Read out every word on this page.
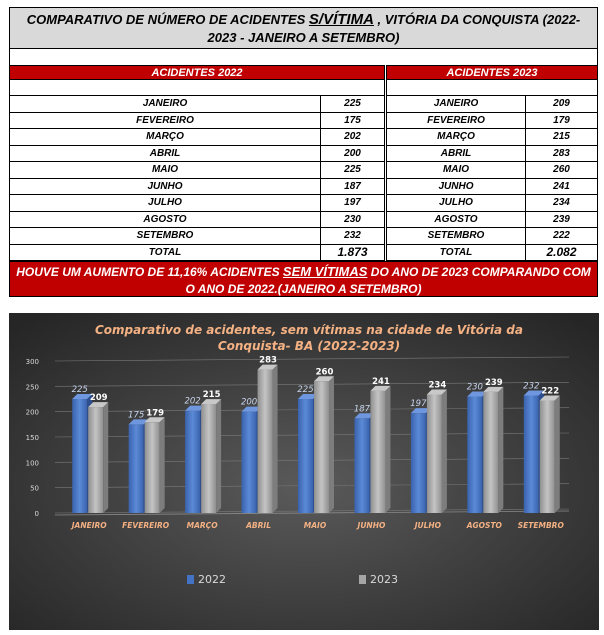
COMPARATIVO DE NÚMERO DE ACIDENTES S/VÍTIMA , VITÓRIA DA CONQUISTA (2022-
2023 - JANEIRO A SETEMBRO)
ACIDENTES 2022
JANEIRO	225
FEVEREIRO	175
MARÇO	202
ABRIL	200
MAIO	225
JUNHO	187
JULHO	197
AGOSTO	230
SETEMBRO	232
TOTAL	1.873
ACIDENTES 2023
JANEIRO	209
FEVEREIRO	179
MARÇO	215
ABRIL	283
MAIO	260
JUNHO	241
JULHO	234
AGOSTO	239
SETEMBRO	222
TOTAL	2.082
HOUVE UM AUMENTO DE 11,16% ACIDENTES SEM VÍTIMAS DO ANO DE 2023 COMPARANDO COM
O ANO DE 2022.(JANEIRO A SETEMBRO)
Comparativo de acidentes, sem vítimas na cidade de Vitória da
Conquista- BA (2022-2023)
0
50
100
150
200
250
300
225
209
175 179
202
215
200
283
225
260
187
241
197
234 230 239 232
222
JANEIRO FEVEREIRO MARÇO	ABRIL	MAIO	JUNHO	JULHO	AGOSTO SETEMBRO
2022	2023
